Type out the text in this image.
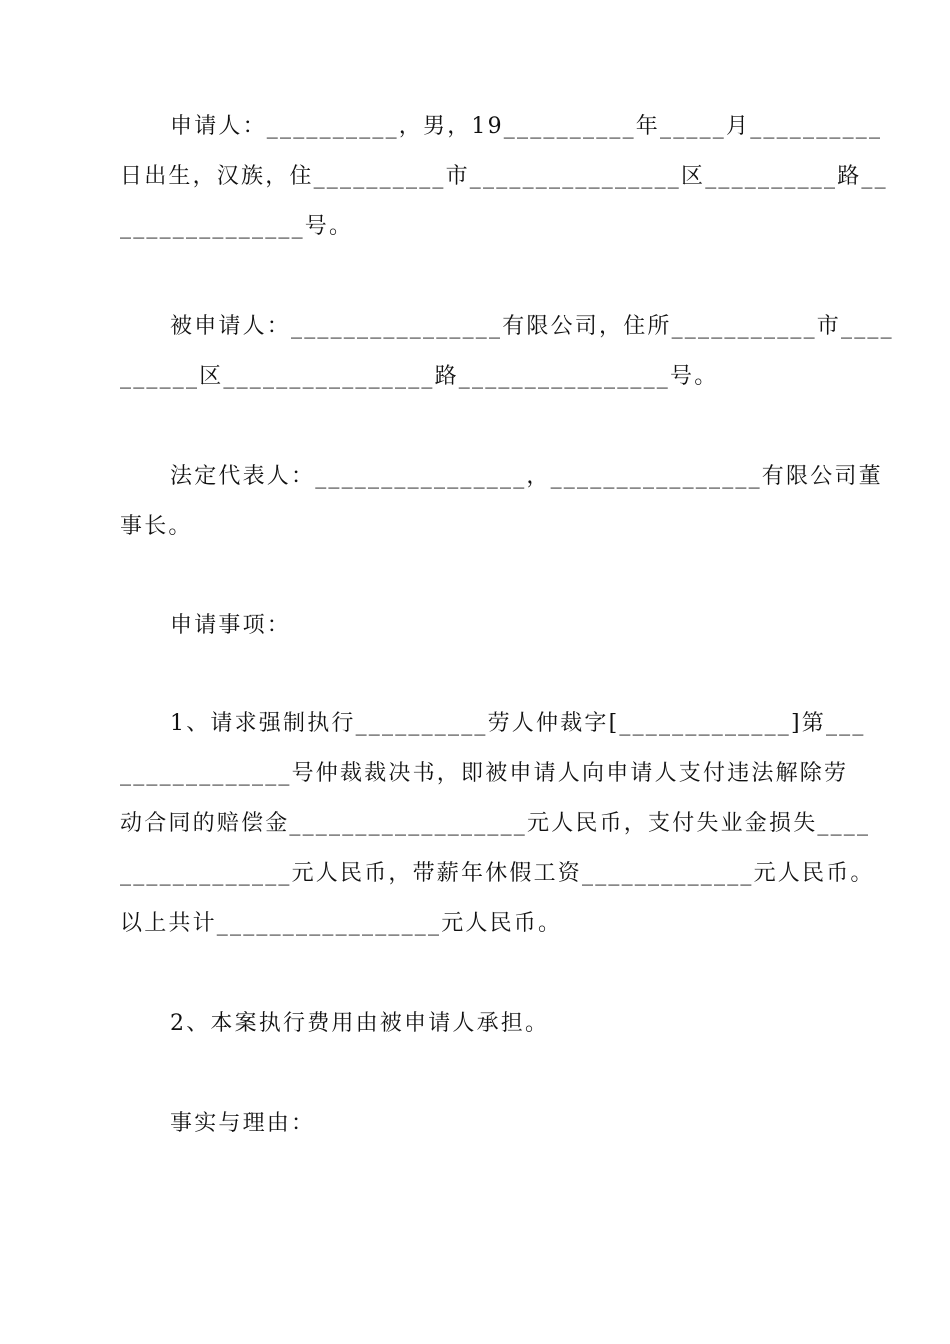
申请人：__________，男，19__________年_____月__________
日出生，汉族，住__________市________________区__________路__
______________号。
被申请人：________________有限公司，住所___________市____
______区________________路________________号。
法定代表人：________________，________________有限公司董
事长。
申请事项：
1、请求强制执行__________劳人仲裁字[_____________]第___
_____________号仲裁裁决书，即被申请人向申请人支付违法解除劳
动合同的赔偿金__________________元人民币，支付失业金损失____
_____________元人民币，带薪年休假工资_____________元人民币。
以上共计_________________元人民币。
2、本案执行费用由被申请人承担。
事实与理由：
